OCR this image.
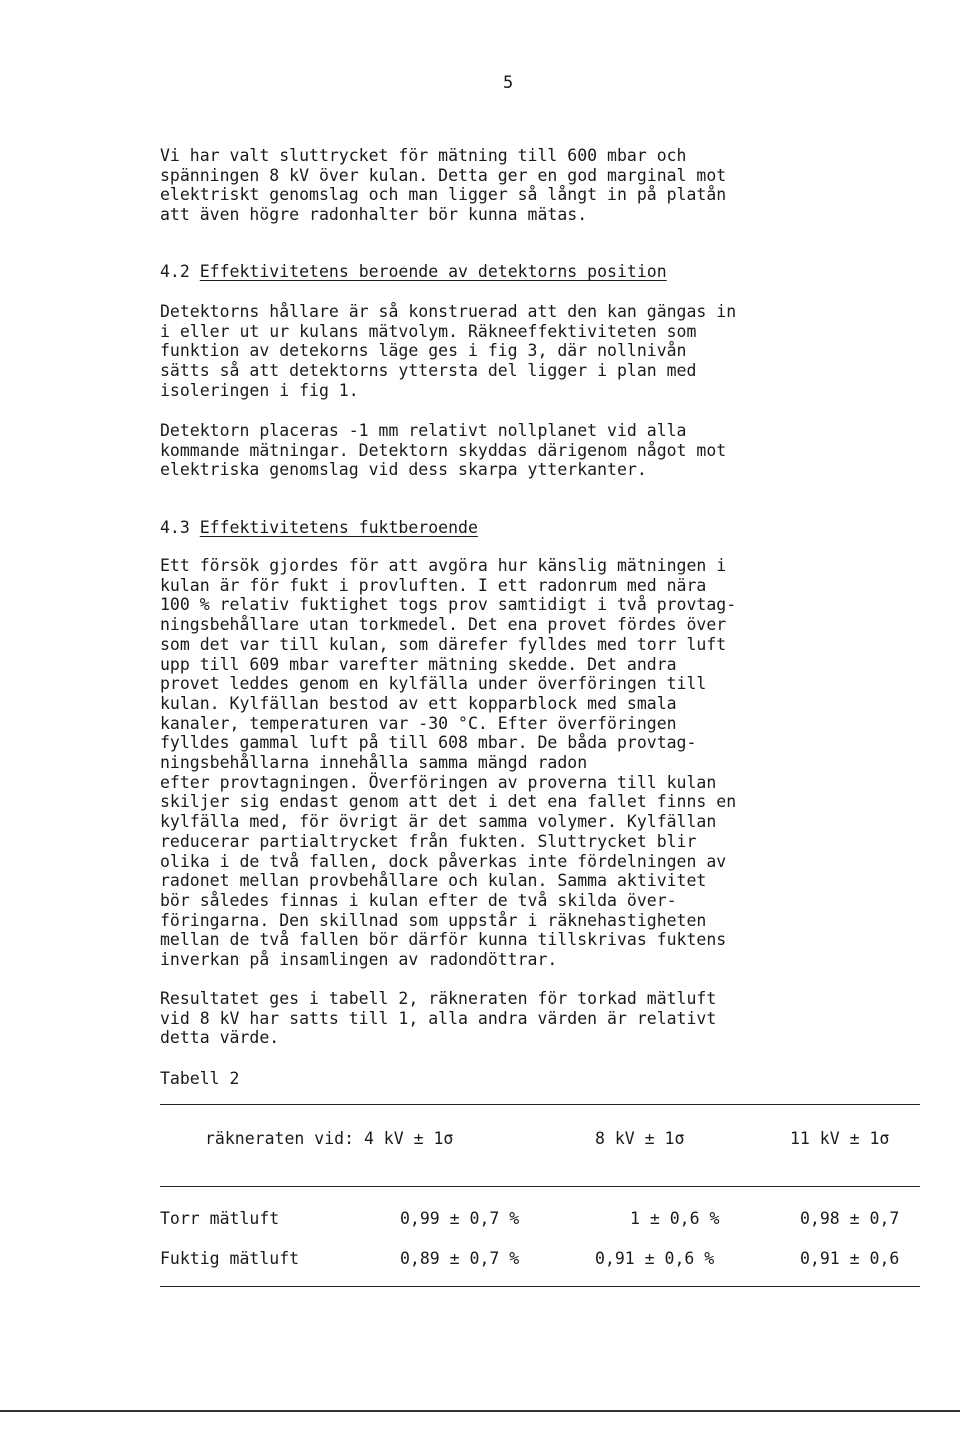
5
Vi har valt sluttrycket för mätning till 600 mbar och
spänningen 8 kV över kulan. Detta ger en god marginal mot
elektriskt genomslag och man ligger så långt in på platån
att även högre radonhalter bör kunna mätas.
4.2 Effektivitetens beroende av detektorns position
Detektorns hållare är så konstruerad att den kan gängas in
i eller ut ur kulans mätvolym. Räkneeffektiviteten som
funktion av detekorns läge ges i fig 3, där nollnivån
sätts så att detektorns yttersta del ligger i plan med
isoleringen i fig 1.
Detektorn placeras -1 mm relativt nollplanet vid alla
kommande mätningar. Detektorn skyddas därigenom något mot
elektriska genomslag vid dess skarpa ytterkanter.
4.3 Effektivitetens fuktberoende
Ett försök gjordes för att avgöra hur känslig mätningen i
kulan är för fukt i provluften. I ett radonrum med nära
100 % relativ fuktighet togs prov samtidigt i två provtag-
ningsbehållare utan torkmedel. Det ena provet fördes över
som det var till kulan, som därefer fylldes med torr luft
upp till 609 mbar varefter mätning skedde. Det andra
provet leddes genom en kylfälla under överföringen till
kulan. Kylfällan bestod av ett kopparblock med smala
kanaler, temperaturen var -30 °C. Efter överföringen
fylldes gammal luft på till 608 mbar. De båda provtag-
ningsbehållarna innehålla samma mängd radon
efter provtagningen. Överföringen av proverna till kulan
skiljer sig endast genom att det i det ena fallet finns en
kylfälla med, för övrigt är det samma volymer. Kylfällan
reducerar partialtrycket från fukten. Sluttrycket blir
olika i de två fallen, dock påverkas inte fördelningen av
radonet mellan provbehållare och kulan. Samma aktivitet
bör således finnas i kulan efter de två skilda över-
föringarna. Den skillnad som uppstår i räknehastigheten
mellan de två fallen bör därför kunna tillskrivas fuktens
inverkan på insamlingen av radondöttrar.
Resultatet ges i tabell 2, räkneraten för torkad mätluft
vid 8 kV har satts till 1, alla andra värden är relativt
detta värde.
Tabell 2
räkneraten vid: 4 kV ± 1σ	8 kV ± 1σ	11 kV ± 1σ
Torr mätluft	0,99 ± 0,7 %	1 ± 0,6 %	0,98 ± 0,7
Fuktig mätluft	0,89 ± 0,7 %	0,91 ± 0,6 %	0,91 ± 0,6
